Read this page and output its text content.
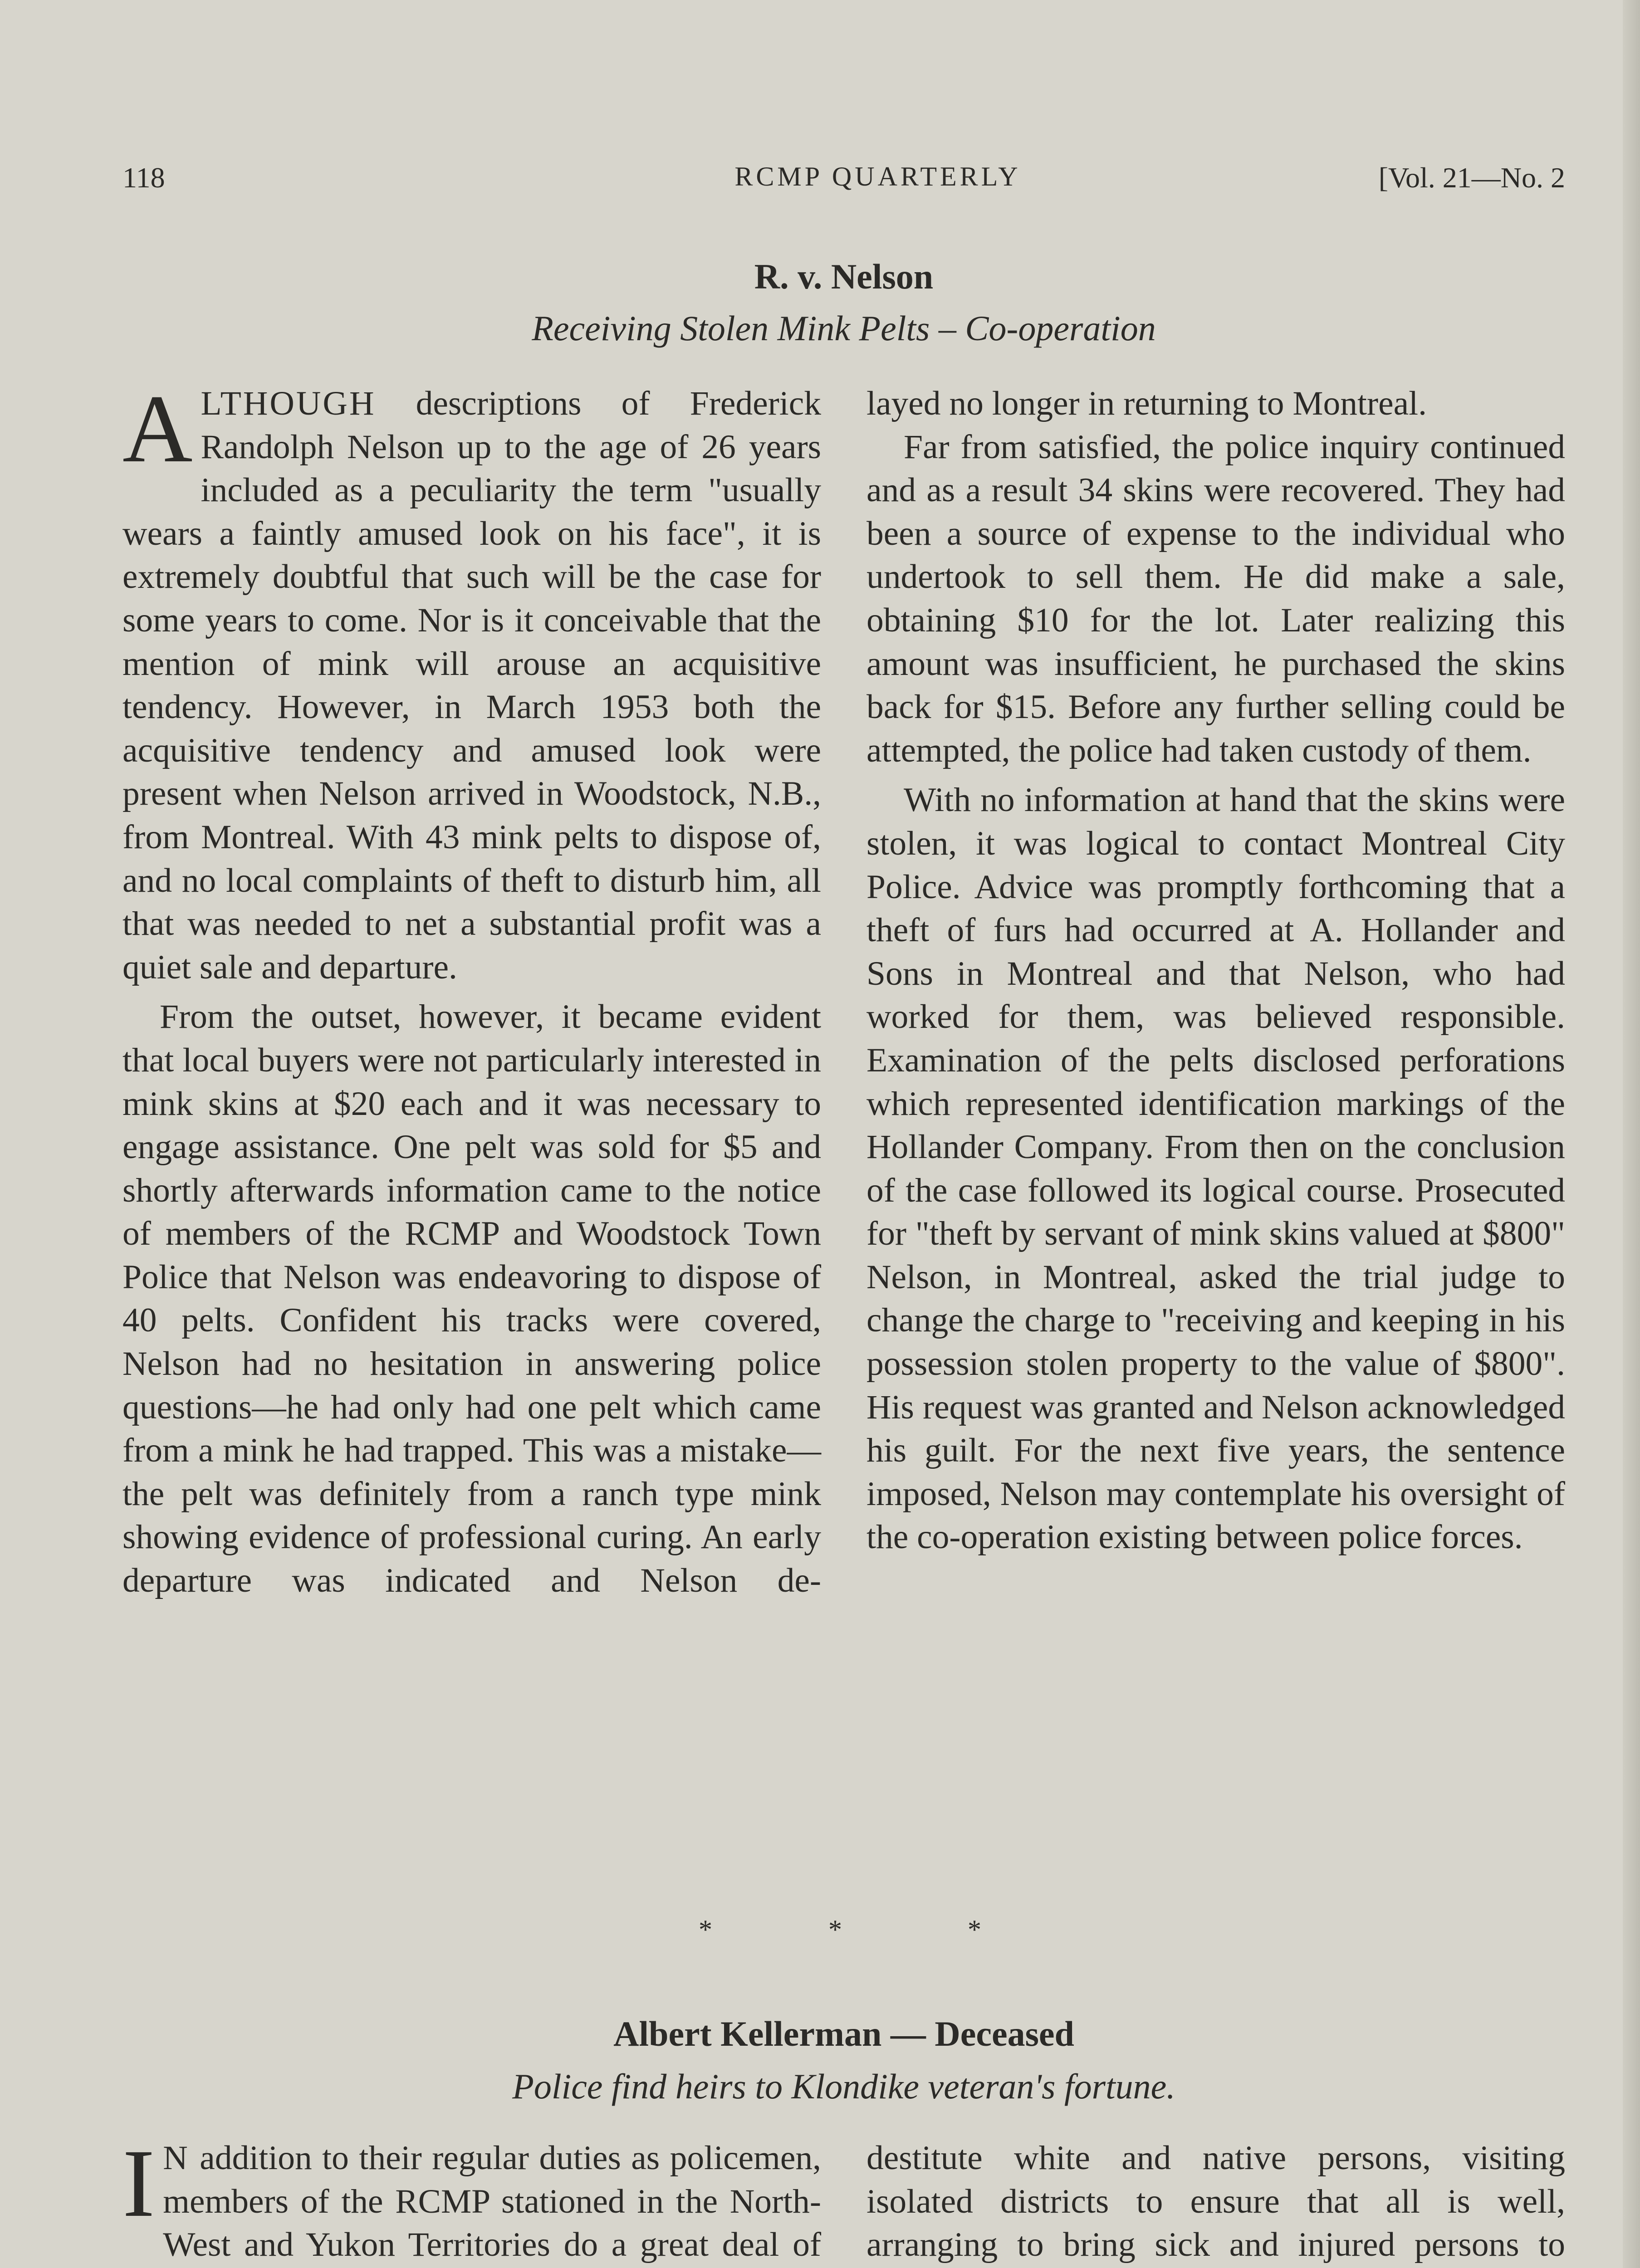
118	RCMP QUARTERLY	[Vol. 21—No. 2
R. v. Nelson
Receiving Stolen Mink Pelts – Co-operation

ALTHOUGH descriptions of Frederick Randolph Nelson up to the age of 26 years included as a peculiarity the term "usually wears a faintly amused look on his face", it is extremely doubtful that such will be the case for some years to come. Nor is it conceivable that the mention of mink will arouse an acquisitive tendency. However, in March 1953 both the acquisitive tendency and amused look were present when Nelson arrived in Woodstock, N.B., from Montreal. With 43 mink pelts to dispose of, and no local complaints of theft to disturb him, all that was needed to net a substantial profit was a quiet sale and departure.

From the outset, however, it became evident that local buyers were not particularly interested in mink skins at $20 each and it was necessary to engage assistance. One pelt was sold for $5 and shortly afterwards information came to the notice of members of the RCMP and Woodstock Town Police that Nelson was endeavoring to dispose of 40 pelts. Confident his tracks were covered, Nelson had no hesitation in answering police questions—he had only had one pelt which came from a mink he had trapped. This was a mistake—the pelt was definitely from a ranch type mink showing evidence of professional curing. An early departure was indicated and Nelson de-

layed no longer in returning to Montreal.

Far from satisfied, the police inquiry continued and as a result 34 skins were recovered. They had been a source of expense to the individual who undertook to sell them. He did make a sale, obtaining $10 for the lot. Later realizing this amount was insufficient, he purchased the skins back for $15. Before any further selling could be attempted, the police had taken custody of them.

With no information at hand that the skins were stolen, it was logical to contact Montreal City Police. Advice was promptly forthcoming that a theft of furs had occurred at A. Hollander and Sons in Montreal and that Nelson, who had worked for them, was believed responsible. Examination of the pelts disclosed perforations which represented identification markings of the Hollander Company. From then on the conclusion of the case followed its logical course. Prosecuted for "theft by servant of mink skins valued at $800" Nelson, in Montreal, asked the trial judge to change the charge to "receiving and keeping in his possession stolen property to the value of $800". His request was granted and Nelson acknowledged his guilt. For the next five years, the sentence imposed, Nelson may contemplate his oversight of the co-operation existing between police forces.

*	*	*
Albert Kellerman — Deceased
Police find heirs to Klondike veteran's fortune.

I N addition to their regular duties as policemen, members of the RCMP stationed in the North-West and Yukon Territories do a great deal of

destitute white and native persons, visiting isolated districts to ensure that all is well, arranging to bring sick and injured persons to
